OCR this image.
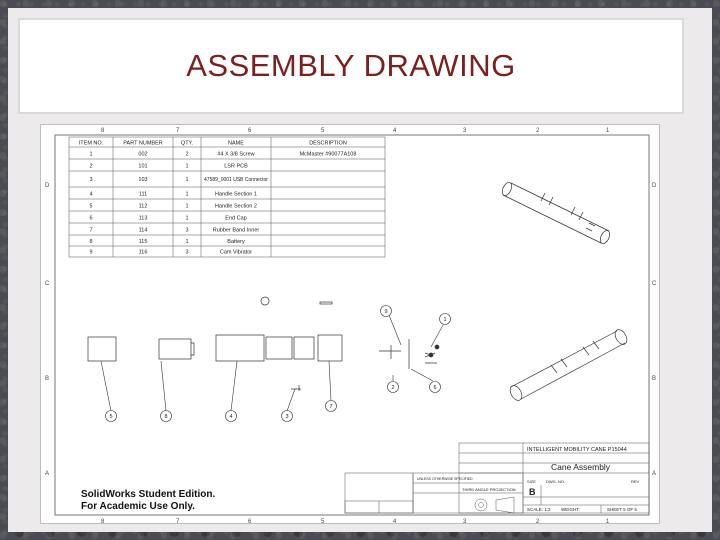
ASSEMBLY DRAWING
8	7	6	5	4	3	2	1
8	7	6	5	4	3	2	1
D
C
B
A
D
C
B
A
ITEM NO.	PART NUMBER	QTY.	NAME	DESCRIPTION
1	002	2	#4 X 3/8 Screw	McMaster #90077A108
2	101	1	LSR PCB
3	103	1	47589_0001 USB Connector
4	111	1	Handle Section 1
5	112	1	Handle Section 2
6	113	1	End Cap
7	114	3	Rubber Band Inner
8	115	1	Battery
9	116	3	Cam Vibrator
5	8	4	3
7
9
1
2	6
SolidWorks Student Edition.
For Academic Use Only.
INTELLIGENT MOBILITY CANE P15044
Cane Assembly
SIZE
B
DWG. NO.	REV
SCALE: 1:2 WEIGHT:	SHEET 5 OF 5
THIRD ANGLE PROJECTION
UNLESS OTHERWISE SPECIFIED
